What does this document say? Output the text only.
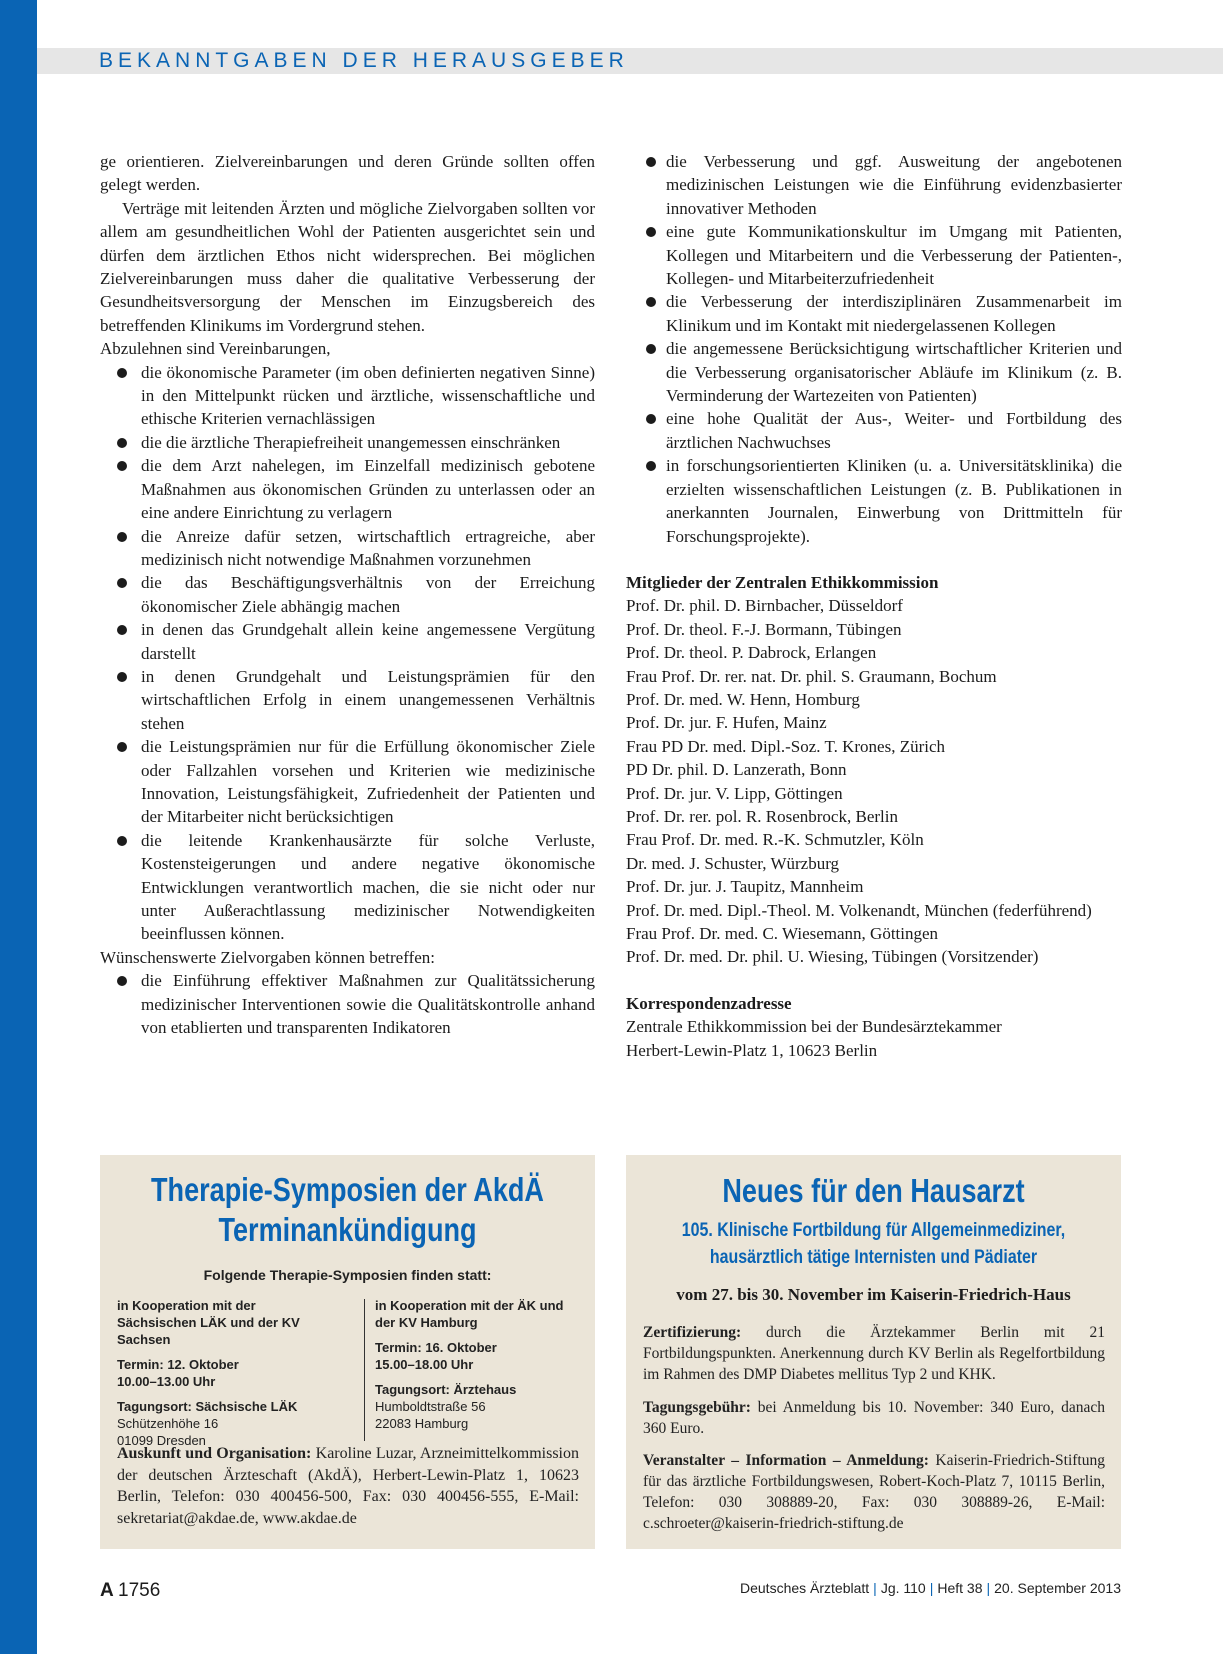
BEKANNTGABEN DER HERAUSGEBER

ge orientieren. Zielvereinbarungen und deren Gründe sollten offen gelegt werden.

Verträge mit leitenden Ärzten und mögliche Zielvorgaben sollten vor allem am gesundheitlichen Wohl der Patienten ausgerichtet sein und dürfen dem ärztlichen Ethos nicht widersprechen. Bei möglichen Zielvereinbarungen muss daher die qualitative Verbesserung der Gesundheitsversorgung der Menschen im Einzugsbereich des betreffenden Klinikums im Vordergrund stehen.

Abzulehnen sind Vereinbarungen,

die ökonomische Parameter (im oben definierten negativen Sinne) in den Mittelpunkt rücken und ärztliche, wissenschaftliche und ethische Kriterien vernachlässigen
die die ärztliche Therapiefreiheit unangemessen einschränken
die dem Arzt nahelegen, im Einzelfall medizinisch gebotene Maßnahmen aus ökonomischen Gründen zu unterlassen oder an eine andere Einrichtung zu verlagern
die Anreize dafür setzen, wirtschaftlich ertragreiche, aber medizinisch nicht notwendige Maßnahmen vorzunehmen
die das Beschäftigungsverhältnis von der Erreichung ökonomischer Ziele abhängig machen
in denen das Grundgehalt allein keine angemessene Vergütung darstellt
in denen Grundgehalt und Leistungsprämien für den wirtschaftlichen Erfolg in einem unangemessenen Verhältnis stehen
die Leistungsprämien nur für die Erfüllung ökonomischer Ziele oder Fallzahlen vorsehen und Kriterien wie medizinische Innovation, Leistungsfähigkeit, Zufriedenheit der Patienten und der Mitarbeiter nicht berücksichtigen
die leitende Krankenhausärzte für solche Verluste, Kostensteigerungen und andere negative ökonomische Entwicklungen verantwortlich machen, die sie nicht oder nur unter Außerachtlassung medizinischer Notwendigkeiten beeinflussen können.

Wünschenswerte Zielvorgaben können betreffen:

die Einführung effektiver Maßnahmen zur Qualitätssicherung medizinischer Interventionen sowie die Qualitätskontrolle anhand von etablierten und transparenten Indikatoren
die Verbesserung und ggf. Ausweitung der angebotenen medizinischen Leistungen wie die Einführung evidenzbasierter innovativer Methoden
eine gute Kommunikationskultur im Umgang mit Patienten, Kollegen und Mitarbeitern und die Verbesserung der Patienten-, Kollegen- und Mitarbeiterzufriedenheit
die Verbesserung der interdisziplinären Zusammenarbeit im Klinikum und im Kontakt mit niedergelassenen Kollegen
die angemessene Berücksichtigung wirtschaftlicher Kriterien und die Verbesserung organisatorischer Abläufe im Klinikum (z. B. Verminderung der Wartezeiten von Patienten)
eine hohe Qualität der Aus-, Weiter- und Fortbildung des ärztlichen Nachwuchses
in forschungsorientierten Kliniken (u. a. Universitätsklinika) die erzielten wissenschaftlichen Leistungen (z. B. Publikationen in anerkannten Journalen, Einwerbung von Drittmitteln für Forschungsprojekte).

Mitglieder der Zentralen Ethikkommission

Prof. Dr. phil. D. Birnbacher, Düsseldorf

Prof. Dr. theol. F.-J. Bormann, Tübingen

Prof. Dr. theol. P. Dabrock, Erlangen

Frau Prof. Dr. rer. nat. Dr. phil. S. Graumann, Bochum

Prof. Dr. med. W. Henn, Homburg

Prof. Dr. jur. F. Hufen, Mainz

Frau PD Dr. med. Dipl.-Soz. T. Krones, Zürich

PD Dr. phil. D. Lanzerath, Bonn

Prof. Dr. jur. V. Lipp, Göttingen

Prof. Dr. rer. pol. R. Rosenbrock, Berlin

Frau Prof. Dr. med. R.-K. Schmutzler, Köln

Dr. med. J. Schuster, Würzburg

Prof. Dr. jur. J. Taupitz, Mannheim

Prof. Dr. med. Dipl.-Theol. M. Volkenandt, München (federführend)

Frau Prof. Dr. med. C. Wiesemann, Göttingen

Prof. Dr. med. Dr. phil. U. Wiesing, Tübingen (Vorsitzender)

Korrespondenzadresse

Zentrale Ethikkommission bei der Bundesärztekammer

Herbert-Lewin-Platz 1, 10623 Berlin

Therapie-Symposien der AkdÄ
Terminankündigung
Folgende Therapie-Symposien finden statt:
in Kooperation mit der Sächsischen LÄK und der KV Sachsen
Termin: 12. Oktober
10.00–13.00 Uhr
Tagungsort: Sächsische LÄK
Schützenhöhe 16
01099 Dresden
in Kooperation mit der ÄK und der KV Hamburg
Termin: 16. Oktober
15.00–18.00 Uhr
Tagungsort: Ärztehaus
Humboldtstraße 56
22083 Hamburg
Auskunft und Organisation: Karoline Luzar, Arzneimittelkommission der deutschen Ärzteschaft (AkdÄ), Herbert-Lewin-Platz 1, 10623 Berlin, Telefon: 030 400456-500, Fax: 030 400456-555, E-Mail: sekretariat@akdae.de, www.akdae.de
Neues für den Hausarzt
105. Klinische Fortbildung für Allgemeinmediziner,
hausärztlich tätige Internisten und Pädiater
vom 27. bis 30. November im Kaiserin-Friedrich-Haus
Zertifizierung: durch die Ärztekammer Berlin mit 21 Fortbildungspunkten. Anerkennung durch KV Berlin als Regelfortbildung im Rahmen des DMP Diabetes mellitus Typ 2 und KHK.
Tagungsgebühr: bei Anmeldung bis 10. November: 340 Euro, danach 360 Euro.
Veranstalter – Information – Anmeldung: Kaiserin-Friedrich-Stiftung für das ärztliche Fortbildungswesen, Robert-Koch-Platz 7, 10115 Berlin, Telefon: 030 308889-20, Fax: 030 308889-26, E-Mail: c.schroeter@kaiserin-friedrich-stiftung.de
A 1756	Deutsches Ärzteblatt | Jg. 110 | Heft 38 | 20. September 2013
